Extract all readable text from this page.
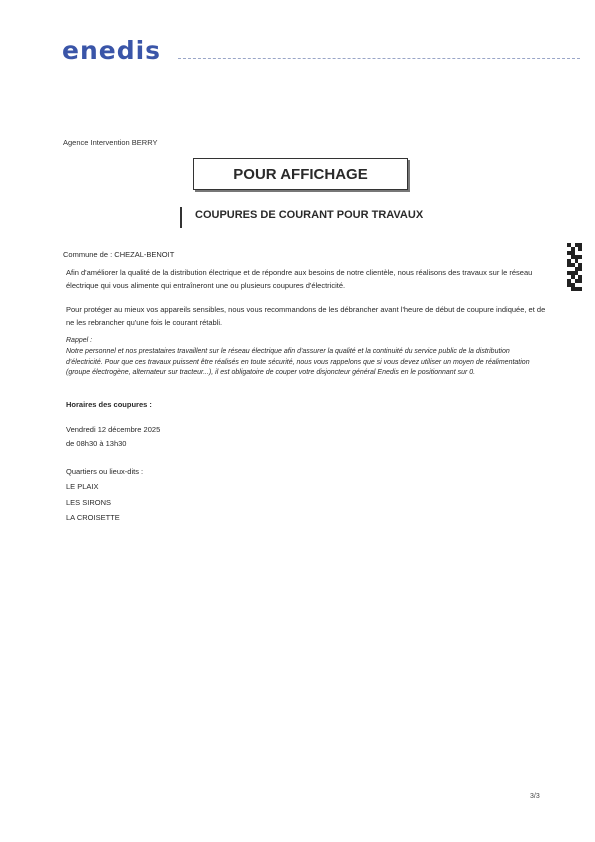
enedis
Agence Intervention BERRY
POUR AFFICHAGE
COUPURES DE COURANT POUR TRAVAUX
Commune de : CHEZAL-BENOIT
Afin d'améliorer la qualité de la distribution électrique et de répondre aux besoins de notre clientèle, nous réalisons des travaux sur le réseau électrique qui vous alimente qui entraîneront une ou plusieurs coupures d'électricité.
Pour protéger au mieux vos appareils sensibles, nous vous recommandons de les débrancher avant l'heure de début de coupure indiquée, et de ne les rebrancher qu'une fois le courant rétabli.
Rappel :
Notre personnel et nos prestataires travaillent sur le réseau électrique afin d'assurer la qualité et la continuité du service public de la distribution d'électricité. Pour que ces travaux puissent être réalisés en toute sécurité, nous vous rappelons que si vous devez utiliser un moyen de réalimentation (groupe électrogène, alternateur sur tracteur...), il est obligatoire de couper votre disjoncteur général Enedis en le positionnant sur 0.
Horaires des coupures :
Vendredi 12 décembre 2025
de 08h30 à 13h30
Quartiers ou lieux-dits :
LE PLAIX
LES SIRONS
LA CROISETTE
3/3
